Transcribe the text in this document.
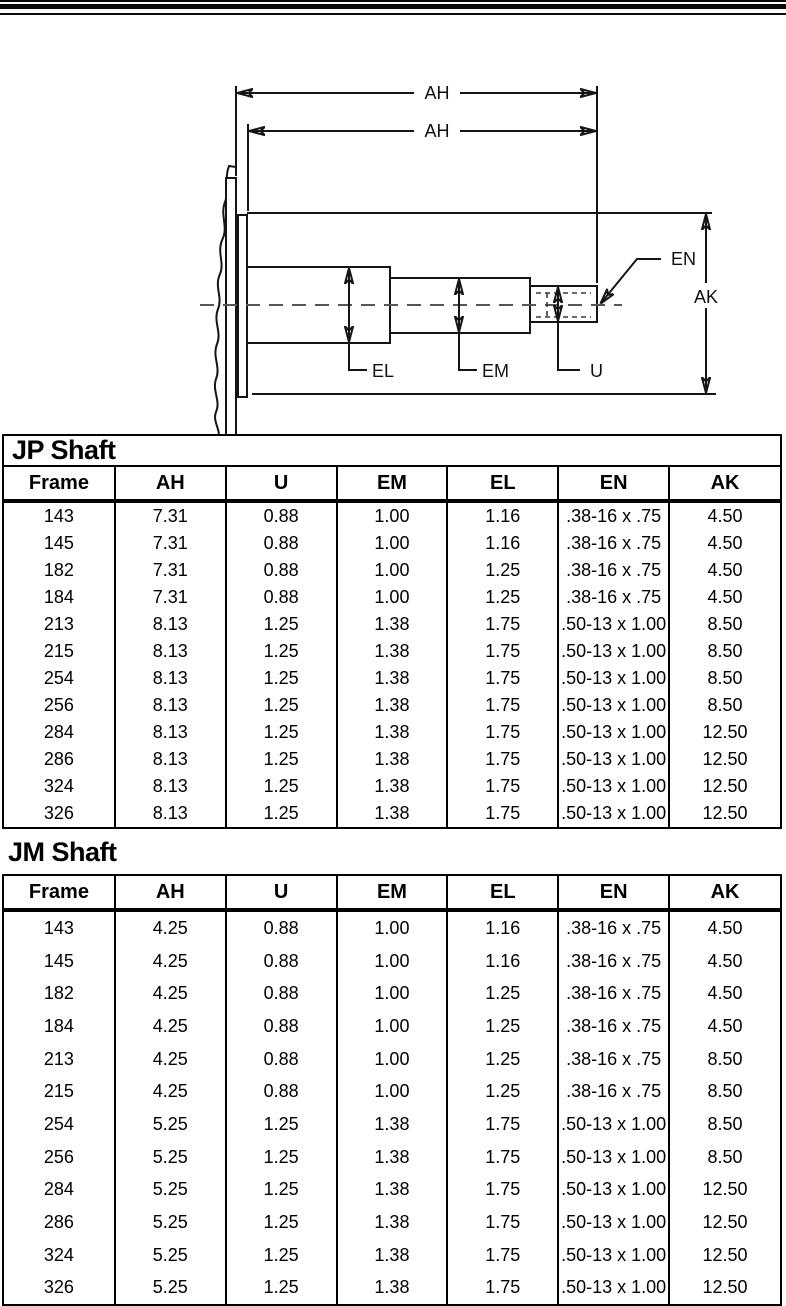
AH
AH
AK
EL	EM	U
EN
JP Shaft
Frame	AH	U	EM	EL	EN	AK
143	7.31	0.88	1.00	1.16	.38-16 x .75	4.50
145	7.31	0.88	1.00	1.16	.38-16 x .75	4.50
182	7.31	0.88	1.00	1.25	.38-16 x .75	4.50
184	7.31	0.88	1.00	1.25	.38-16 x .75	4.50
213	8.13	1.25	1.38	1.75	.50-13 x 1.00	8.50
215	8.13	1.25	1.38	1.75	.50-13 x 1.00	8.50
254	8.13	1.25	1.38	1.75	.50-13 x 1.00	8.50
256	8.13	1.25	1.38	1.75	.50-13 x 1.00	8.50
284	8.13	1.25	1.38	1.75	.50-13 x 1.00	12.50
286	8.13	1.25	1.38	1.75	.50-13 x 1.00	12.50
324	8.13	1.25	1.38	1.75	.50-13 x 1.00	12.50
326	8.13	1.25	1.38	1.75	.50-13 x 1.00	12.50
JM Shaft
Frame	AH	U	EM	EL	EN	AK
143	4.25	0.88	1.00	1.16	.38-16 x .75	4.50
145	4.25	0.88	1.00	1.16	.38-16 x .75	4.50
182	4.25	0.88	1.00	1.25	.38-16 x .75	4.50
184	4.25	0.88	1.00	1.25	.38-16 x .75	4.50
213	4.25	0.88	1.00	1.25	.38-16 x .75	8.50
215	4.25	0.88	1.00	1.25	.38-16 x .75	8.50
254	5.25	1.25	1.38	1.75	.50-13 x 1.00	8.50
256	5.25	1.25	1.38	1.75	.50-13 x 1.00	8.50
284	5.25	1.25	1.38	1.75	.50-13 x 1.00	12.50
286	5.25	1.25	1.38	1.75	.50-13 x 1.00	12.50
324	5.25	1.25	1.38	1.75	.50-13 x 1.00	12.50
326	5.25	1.25	1.38	1.75	.50-13 x 1.00	12.50
